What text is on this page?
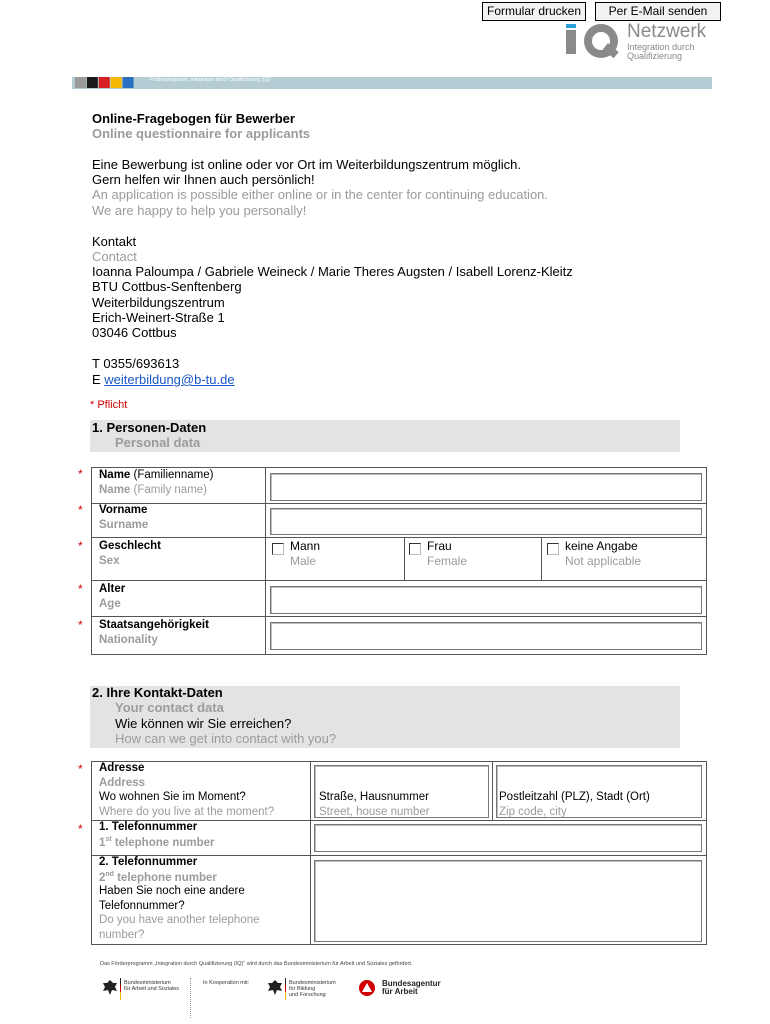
Formular drucken	Per E-Mail senden
Netzwerk
Integration durch
Qualifizierung
Förderprogramm „Integration durch Qualifizierung (IQ)“
Online-Fragebogen für Bewerber
Online questionnaire for applicants
Eine Bewerbung ist online oder vor Ort im Weiterbildungszentrum möglich.
Gern helfen wir Ihnen auch persönlich!
An application is possible either online or in the center for continuing education.
We are happy to help you personally!
Kontakt
Contact
Ioanna Paloumpa / Gabriele Weineck / Marie Theres Augsten / Isabell Lorenz-Kleitz
BTU Cottbus-Senftenberg
Weiterbildungszentrum
Erich-Weinert-Straße 1
03046 Cottbus
T 0355/693613
E weiterbildung@b-tu.de
* Pflicht
1. Personen-Daten
Personal data
* Name (Familienname)
Name (Family name)
* Vorname
Surname
* Geschlecht
Sex
Mann
Male
Frau
Female
keine Angabe
Not applicable
* Alter
Age
* Staatsangehörigkeit
Nationality
2. Ihre Kontakt-Daten
Your contact data
Wie können wir Sie erreichen?
How can we get into contact with you?
* Adresse
Address
Wo wohnen Sie im Moment?
Where do you live at the moment?
Straße, Hausnummer
Street, house number
Postleitzahl (PLZ), Stadt (Ort)
Zip code, city
* 1. Telefonnummer
1st telephone number
2. Telefonnummer
2nd telephone number
Haben Sie noch eine andere
Telefonnummer?
Do you have another telephone
number?
Das Förderprogramm „Integration durch Qualifizierung (IQ)“ wird durch das Bundesministerium für Arbeit und Soziales gefördert.
Bundesministerium
für Arbeit und Soziales
In Kooperation mit:	Bundesministerium
für Bildung
und Forschung
Bundesagentur
für Arbeit
